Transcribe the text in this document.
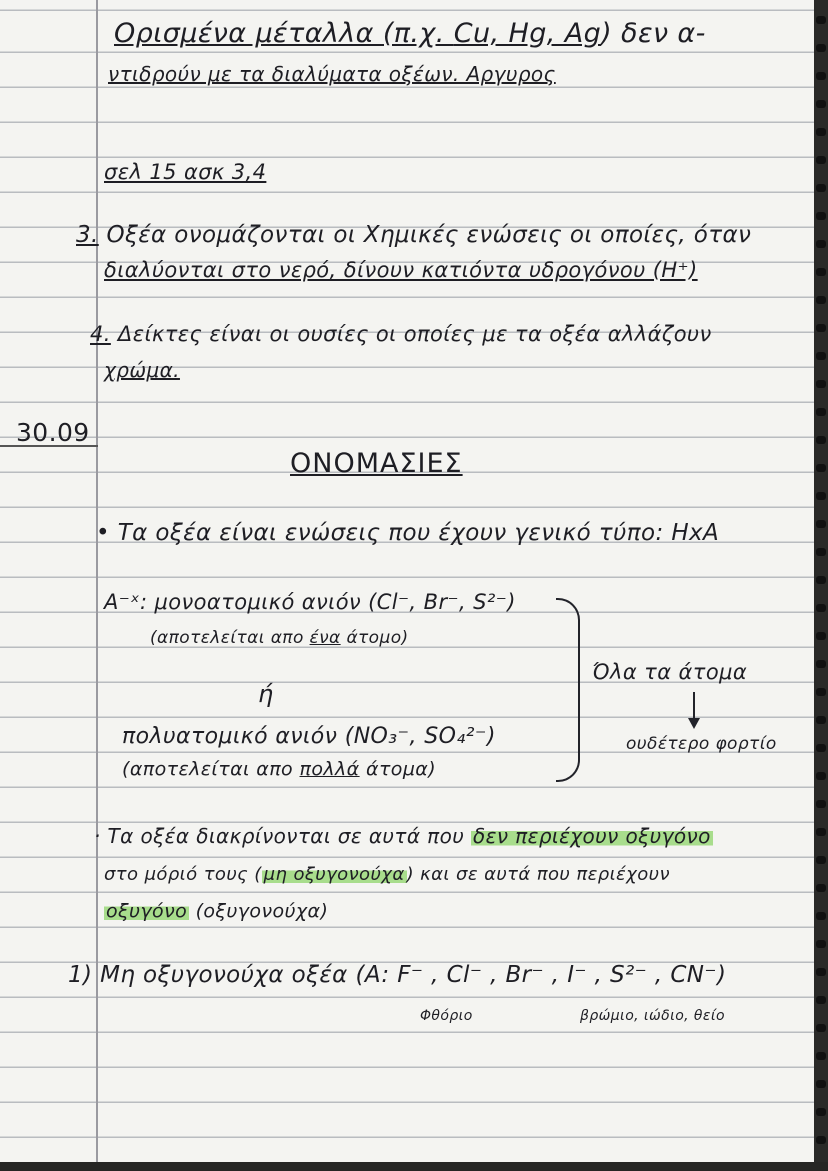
Ορισμένα μέταλλα (π.χ. Cu, Hg, Ag) δεν α-
ντιδρούν με τα διαλύματα οξέων. Αργυρος
σελ 15 ασκ 3,4
3. Οξέα ονομάζονται οι Χημικές ενώσεις οι οποίες, όταν
διαλύονται στο νερό, δίνουν κατιόντα υδρογόνου (H⁺)
4. Δείκτες είναι οι ουσίες οι οποίες με τα οξέα αλλάζουν
χρώμα.
30.09
ΟΝΟΜΑΣΙΕΣ
• Τα οξέα είναι ενώσεις που έχουν γενικό τύπο: HxA
A⁻ˣ: μονοατομικό ανιόν (Cl⁻, Br⁻, S²⁻)
(αποτελείται απο ένα άτομο)
ή
πολυατομικό ανιόν (NO₃⁻, SO₄²⁻)
(αποτελείται απο πολλά άτομα)
Όλα τα άτομα
ουδέτερο φορτίο
· Τα οξέα διακρίνονται σε αυτά που δεν περιέχουν οξυγόνο
στο μόριό τους ( μη οξυγονούχα ) και σε αυτά που περιέχουν
οξυγόνο (οξυγονούχα)
1) Μη οξυγονούχα οξέα (A: F⁻ , Cl⁻ , Br⁻ , I⁻ , S²⁻ , CN⁻)
Φθόριο	βρώμιο, ιώδιο, θείο
